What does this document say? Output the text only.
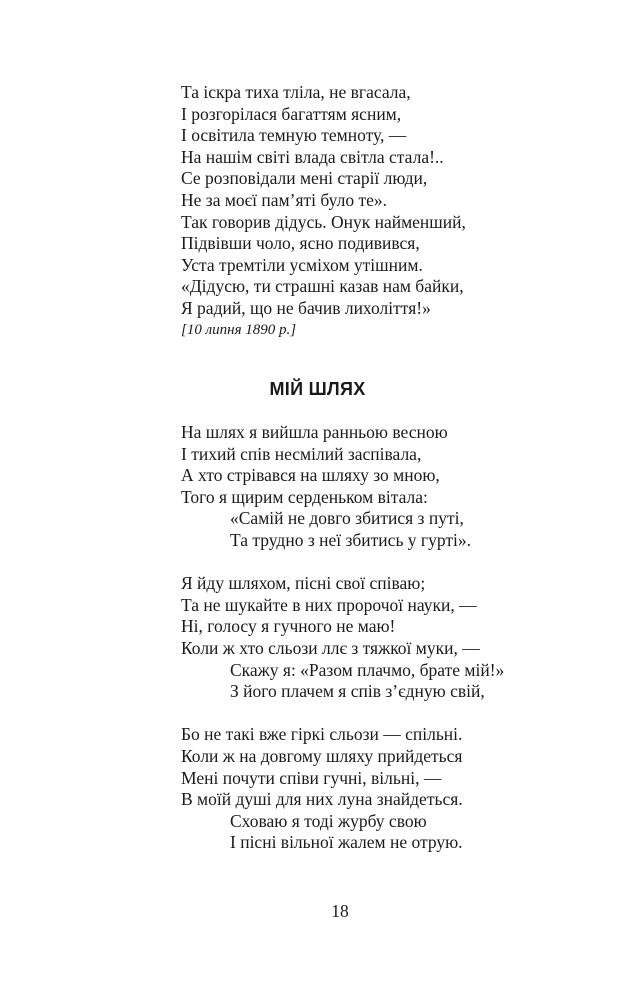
Та іскра тиха тліла, не вгасала,
І розгорілася багаттям ясним,
І освітила темную темноту, —
На нашім світі влада світла стала!..
Се розповідали мені старії люди,
Не за моєї пам’яті було те».
Так говорив дідусь. Онук найменший,
Підвівши чоло, ясно подивився,
Уста тремтіли усміхом утішним.
«Дідусю, ти страшні казав нам байки,
Я радий, що не бачив лихоліття!»
[10 липня 1890 р.]
МІЙ ШЛЯХ
На шлях я вийшла ранньою весною
І тихий спів несмілий заспівала,
А хто стрівався на шляху зо мною,
Того я щирим серденьком вітала:
«Самій не довго збитися з путі,
Та трудно з неї збитись у гурті».
Я йду шляхом, пісні свої співаю;
Та не шукайте в них пророчої науки, —
Ні, голосу я гучного не маю!
Коли ж хто сльози ллє з тяжкої муки, —
Скажу я: «Разом плачмо, брате мій!»
З його плачем я спів з’єдную свій,
Бо не такі вже гіркі сльози — спільні.
Коли ж на довгому шляху прийдеться
Мені почути співи гучні, вільні, —
В моїй душі для них луна знайдеться.
Сховаю я тоді журбу свою
І пісні вільної жалем не отрую.
18
